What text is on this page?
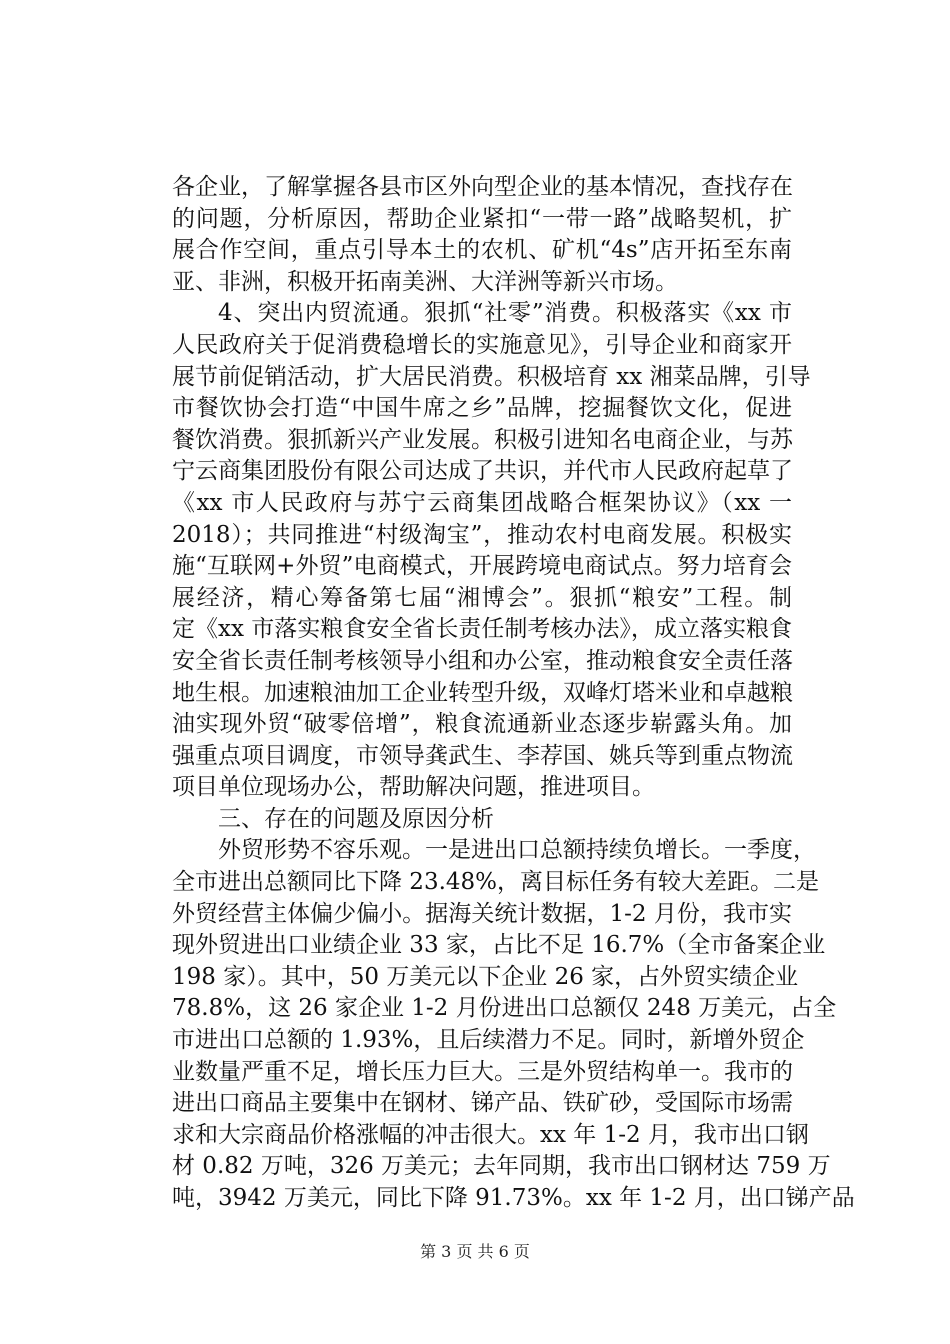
各企业，了解掌握各县市区外向型企业的基本情况，查找存在
的问题，分析原因，帮助企业紧扣“一带一路”战略契机，扩
展合作空间，重点引导本土的农机、矿机“4s”店开拓至东南
亚、非洲，积极开拓南美洲、大洋洲等新兴市场。
4、突出内贸流通。狠抓“社零”消费。积极落实《xx 市
人民政府关于促消费稳增长的实施意见》，引导企业和商家开
展节前促销活动，扩大居民消费。积极培育 xx 湘菜品牌，引导
市餐饮协会打造“中国牛席之乡”品牌，挖掘餐饮文化，促进
餐饮消费。狠抓新兴产业发展。积极引进知名电商企业，与苏
宁云商集团股份有限公司达成了共识，并代市人民政府起草了
《xx 市人民政府与苏宁云商集团战略合框架协议》（xx 一
2018）；共同推进“村级淘宝”，推动农村电商发展。积极实
施“互联网+外贸”电商模式，开展跨境电商试点。努力培育会
展经济，精心筹备第七届“湘博会”。狠抓“粮安”工程。制
定《xx 市落实粮食安全省长责任制考核办法》，成立落实粮食
安全省长责任制考核领导小组和办公室，推动粮食安全责任落
地生根。加速粮油加工企业转型升级，双峰灯塔米业和卓越粮
油实现外贸“破零倍增”，粮食流通新业态逐步崭露头角。加
强重点项目调度，市领导龚武生、李荐国、姚兵等到重点物流
项目单位现场办公，帮助解决问题，推进项目。
三、存在的问题及原因分析
外贸形势不容乐观。一是进出口总额持续负增长。一季度，
全市进出总额同比下降 23.48%，离目标任务有较大差距。二是
外贸经营主体偏少偏小。据海关统计数据，1-2 月份，我市实
现外贸进出口业绩企业 33 家，占比不足 16.7%（全市备案企业
198 家）。其中，50 万美元以下企业 26 家，占外贸实绩企业
78.8%，这 26 家企业 1-2 月份进出口总额仅 248 万美元，占全
市进出口总额的 1.93%，且后续潜力不足。同时，新增外贸企
业数量严重不足，增长压力巨大。三是外贸结构单一。我市的
进出口商品主要集中在钢材、锑产品、铁矿砂，受国际市场需
求和大宗商品价格涨幅的冲击很大。xx 年 1-2 月，我市出口钢
材 0.82 万吨，326 万美元；去年同期，我市出口钢材达 759 万
吨，3942 万美元，同比下降 91.73%。xx 年 1-2 月，出口锑产品
第 3 页 共 6 页
